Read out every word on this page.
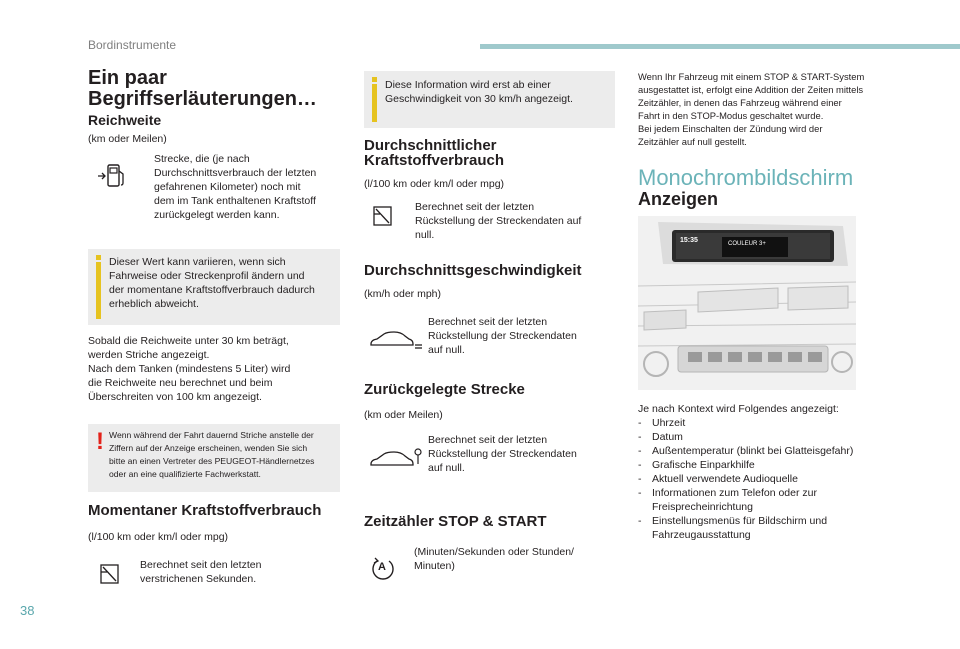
Bordinstrumente
38
Ein paar
Begriffserläuterungen…
Reichweite
(km oder Meilen)
Strecke, die (je nach
Durchschnittsverbrauch der letzten
gefahrenen Kilometer) noch mit
dem im Tank enthaltenen Kraftstoff
zurückgelegt werden kann.
Dieser Wert kann variieren, wenn sich
Fahrweise oder Streckenprofil ändern und
der momentane Kraftstoffverbrauch dadurch
erheblich abweicht.
Sobald die Reichweite unter 30 km beträgt,
werden Striche angezeigt.
Nach dem Tanken (mindestens 5 Liter) wird
die Reichweite neu berechnet und beim
Überschreiten von 100 km angezeigt.
! Wenn während der Fahrt dauernd Striche anstelle der
Ziffern auf der Anzeige erscheinen, wenden Sie sich
bitte an einen Vertreter des PEUGEOT-Händlernetzes
oder an eine qualifizierte Fachwerkstatt.
Momentaner Kraftstoffverbrauch
(l/100 km oder km/l oder mpg)
Berechnet seit den letzten
verstrichenen Sekunden.
Diese Information wird erst ab einer
Geschwindigkeit von 30 km/h angezeigt.
Durchschnittlicher
Kraftstoffverbrauch
(l/100 km oder km/l oder mpg)
Berechnet seit der letzten
Rückstellung der Streckendaten auf
null.
Durchschnittsgeschwindigkeit
(km/h oder mph)
Berechnet seit der letzten
Rückstellung der Streckendaten
auf null.
Zurückgelegte Strecke
(km oder Meilen)
Berechnet seit der letzten
Rückstellung der Streckendaten
auf null.
Zeitzähler STOP & START
A
(Minuten/Sekunden oder Stunden/
Minuten)
Wenn Ihr Fahrzeug mit einem STOP & START-System
ausgestattet ist, erfolgt eine Addition der Zeiten mittels
Zeitzähler, in denen das Fahrzeug während einer
Fahrt in den STOP-Modus geschaltet wurde.
Bei jedem Einschalten der Zündung wird der
Zeitzähler auf null gestellt.
Monochrombildschirm
Anzeigen
15:35	COULEUR 3+
Je nach Kontext wird Folgendes angezeigt:
-	Uhrzeit
-	Datum
-	Außentemperatur (blinkt bei Glatteisgefahr)
-	Grafische Einparkhilfe
-	Aktuell verwendete Audioquelle
-	Informationen zum Telefon oder zur
Freisprecheinrichtung
-	Einstellungsmenüs für Bildschirm und
Fahrzeugausstattung
